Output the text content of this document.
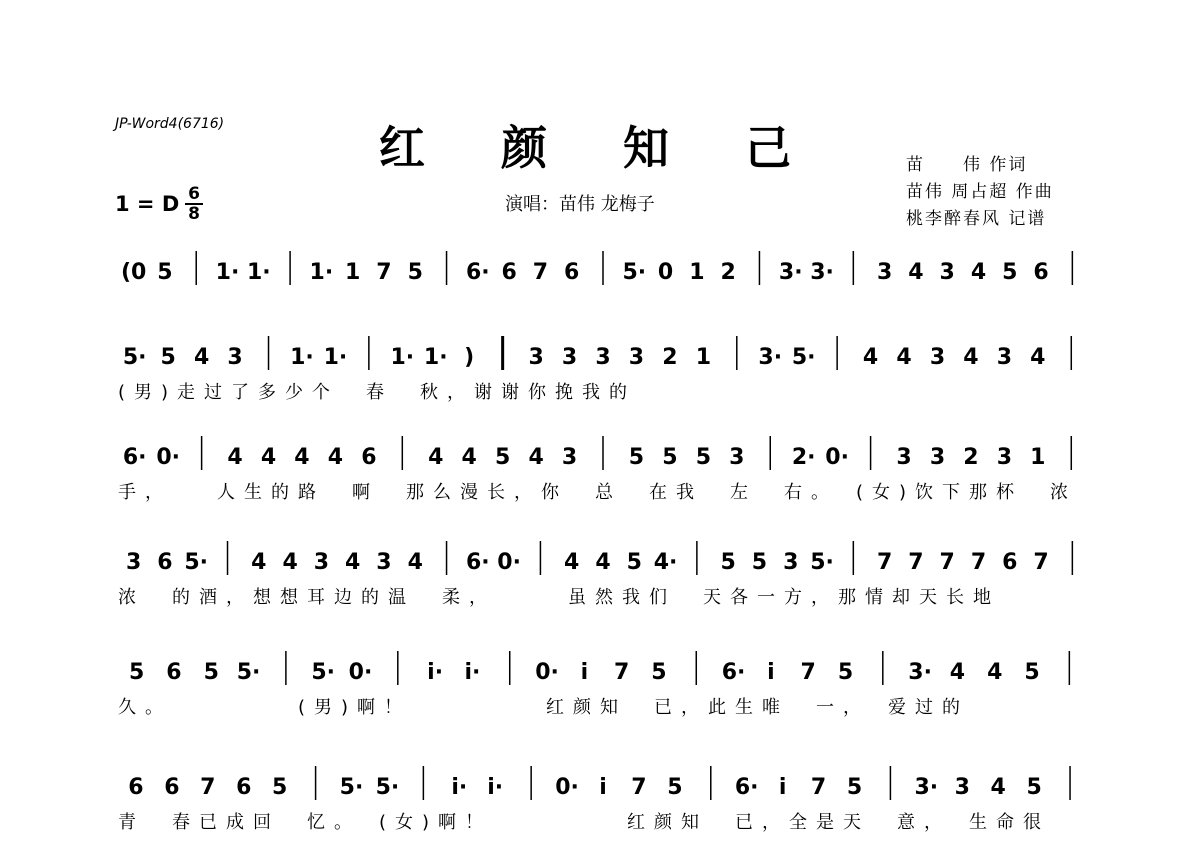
JP-Word4(6716)	红 颜 知 己
1 = D 6
8	演唱：苗伟 龙梅子
苗　　伟 作词
苗伟 周占超 作曲
桃李醉春风 记谱
(0 5 1· 1· 1· 1 7 5 6· 6 7 6 5· 0 1 2 3· 3· 3 4 3 4 5 6
5· 5 4 3 1· 1· 1· 1· ) 3 3 3 3 2 1 3· 5· 4 4 3 4 3 4
(男)走过了多少个　春　秋，谢谢你挽我的
6· 0· 4 4 4 4 6 4 4 5 4 3 5 5 5 3 2· 0· 3 3 2 3 1
手，　　人生的路　啊　那么漫长，你　总　在我　左　右。　(女)饮下那杯　浓
3 6 5· 4 4 3 4 3 4 6· 0· 4 4 5 4· 5 5 3 5· 7 7 7 7 6 7
浓　的酒，想想耳边的温　柔，　　　虽然我们　天各一方，那情却天长地
5 6 5 5· 5· 0· i· i· 0· i 7 5	6· i 7 5	3· 4 4 5
久。　　　　　(男)啊！　　　　　红颜知　已，此生唯　一，　爱过的
6 6 7 6 5 5· 5· i· i· 0· i 7 5 6· i 7 5 3· 3 4 5
青　春已成回　忆。　(女)啊！　　　　　红颜知　已，全是天　意，　生命很
